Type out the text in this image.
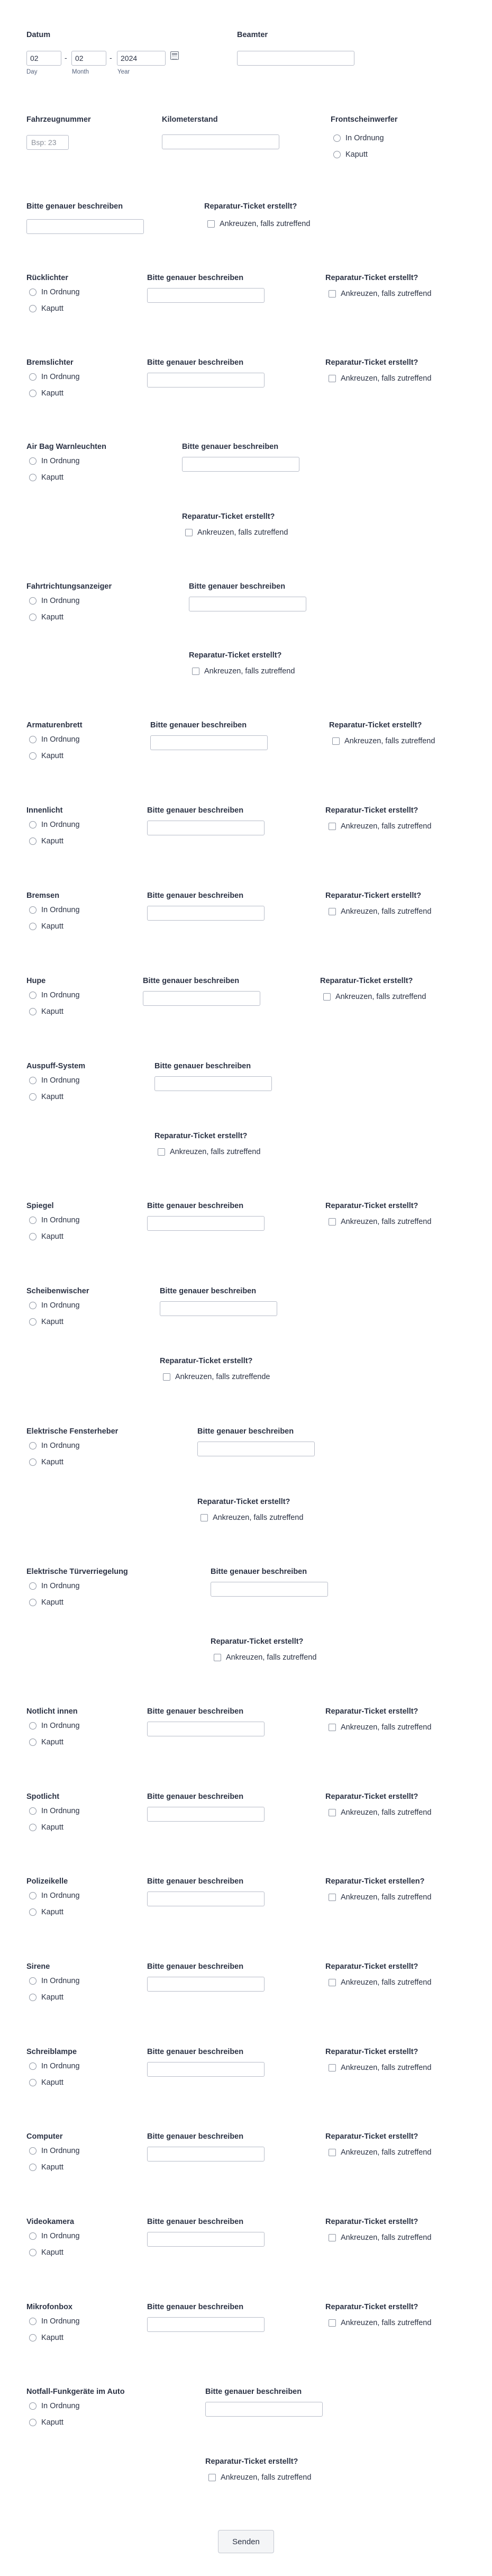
Datum
02
-
02	-
2024
Day	Month	Year
Beamter
Fahrzeugnummer
Bsp: 23	Kilometerstand	Frontscheinwerfer
In Ordnung
Kaputt
Bitte genauer beschreiben	Reparatur-Ticket erstellt?
Ankreuzen, falls zutreffend
Rücklichter
In Ordnung
Kaputt
Bitte genauer beschreiben	Reparatur-Ticket erstellt?
Ankreuzen, falls zutreffend
Bremslichter
In Ordnung
Kaputt
Bitte genauer beschreiben	Reparatur-Ticket erstellt?
Ankreuzen, falls zutreffend
Air Bag Warnleuchten
In Ordnung
Kaputt
Bitte genauer beschreiben
Reparatur-Ticket erstellt?
Ankreuzen, falls zutreffend
Fahrtrichtungsanzeiger
In Ordnung
Kaputt
Bitte genauer beschreiben
Reparatur-Ticket erstellt?
Ankreuzen, falls zutreffend
Armaturenbrett
In Ordnung
Kaputt
Bitte genauer beschreiben	Reparatur-Ticket erstellt?
Ankreuzen, falls zutreffend
Innenlicht
In Ordnung
Kaputt
Bitte genauer beschreiben	Reparatur-Ticket erstellt?
Ankreuzen, falls zutreffend
Bremsen
In Ordnung
Kaputt
Bitte genauer beschreiben	Reparatur-Tickert erstellt?
Ankreuzen, falls zutreffend
Hupe
In Ordnung
Kaputt
Bitte genauer beschreiben	Reparatur-Ticket erstellt?
Ankreuzen, falls zutreffend
Auspuff-System
In Ordnung
Kaputt
Bitte genauer beschreiben
Reparatur-Ticket erstellt?
Ankreuzen, falls zutreffend
Spiegel
In Ordnung
Kaputt
Bitte genauer beschreiben	Reparatur-Ticket erstellt?
Ankreuzen, falls zutreffend
Scheibenwischer
In Ordnung
Kaputt
Bitte genauer beschreiben
Reparatur-Ticket erstellt?
Ankreuzen, falls zutreffende
Elektrische Fensterheber
In Ordnung
Kaputt
Bitte genauer beschreiben
Reparatur-Ticket erstellt?
Ankreuzen, falls zutreffend
Elektrische Türverriegelung
In Ordnung
Kaputt
Bitte genauer beschreiben
Reparatur-Ticket erstellt?
Ankreuzen, falls zutreffend
Notlicht innen
In Ordnung
Kaputt
Bitte genauer beschreiben	Reparatur-Ticket erstellt?
Ankreuzen, falls zutreffend
Spotlicht
In Ordnung
Kaputt
Bitte genauer beschreiben	Reparatur-Ticket erstellt?
Ankreuzen, falls zutreffend
Polizeikelle
In Ordnung
Kaputt
Bitte genauer beschreiben	Reparatur-Ticket erstellen?
Ankreuzen, falls zutreffend
Sirene
In Ordnung
Kaputt
Bitte genauer beschreiben	Reparatur-Ticket erstellt?
Ankreuzen, falls zutreffend
Schreiblampe
In Ordnung
Kaputt
Bitte genauer beschreiben	Reparatur-Ticket erstellt?
Ankreuzen, falls zutreffend
Computer
In Ordnung
Kaputt
Bitte genauer beschreiben	Reparatur-Ticket erstellt?
Ankreuzen, falls zutreffend
Videokamera
In Ordnung
Kaputt
Bitte genauer beschreiben	Reparatur-Ticket erstellt?
Ankreuzen, falls zutreffend
Mikrofonbox
In Ordnung
Kaputt
Bitte genauer beschreiben	Reparatur-Ticket erstellt?
Ankreuzen, falls zutreffend
Notfall-Funkgeräte im Auto
In Ordnung
Kaputt
Bitte genauer beschreiben
Reparatur-Ticket erstellt?
Ankreuzen, falls zutreffend
Senden
